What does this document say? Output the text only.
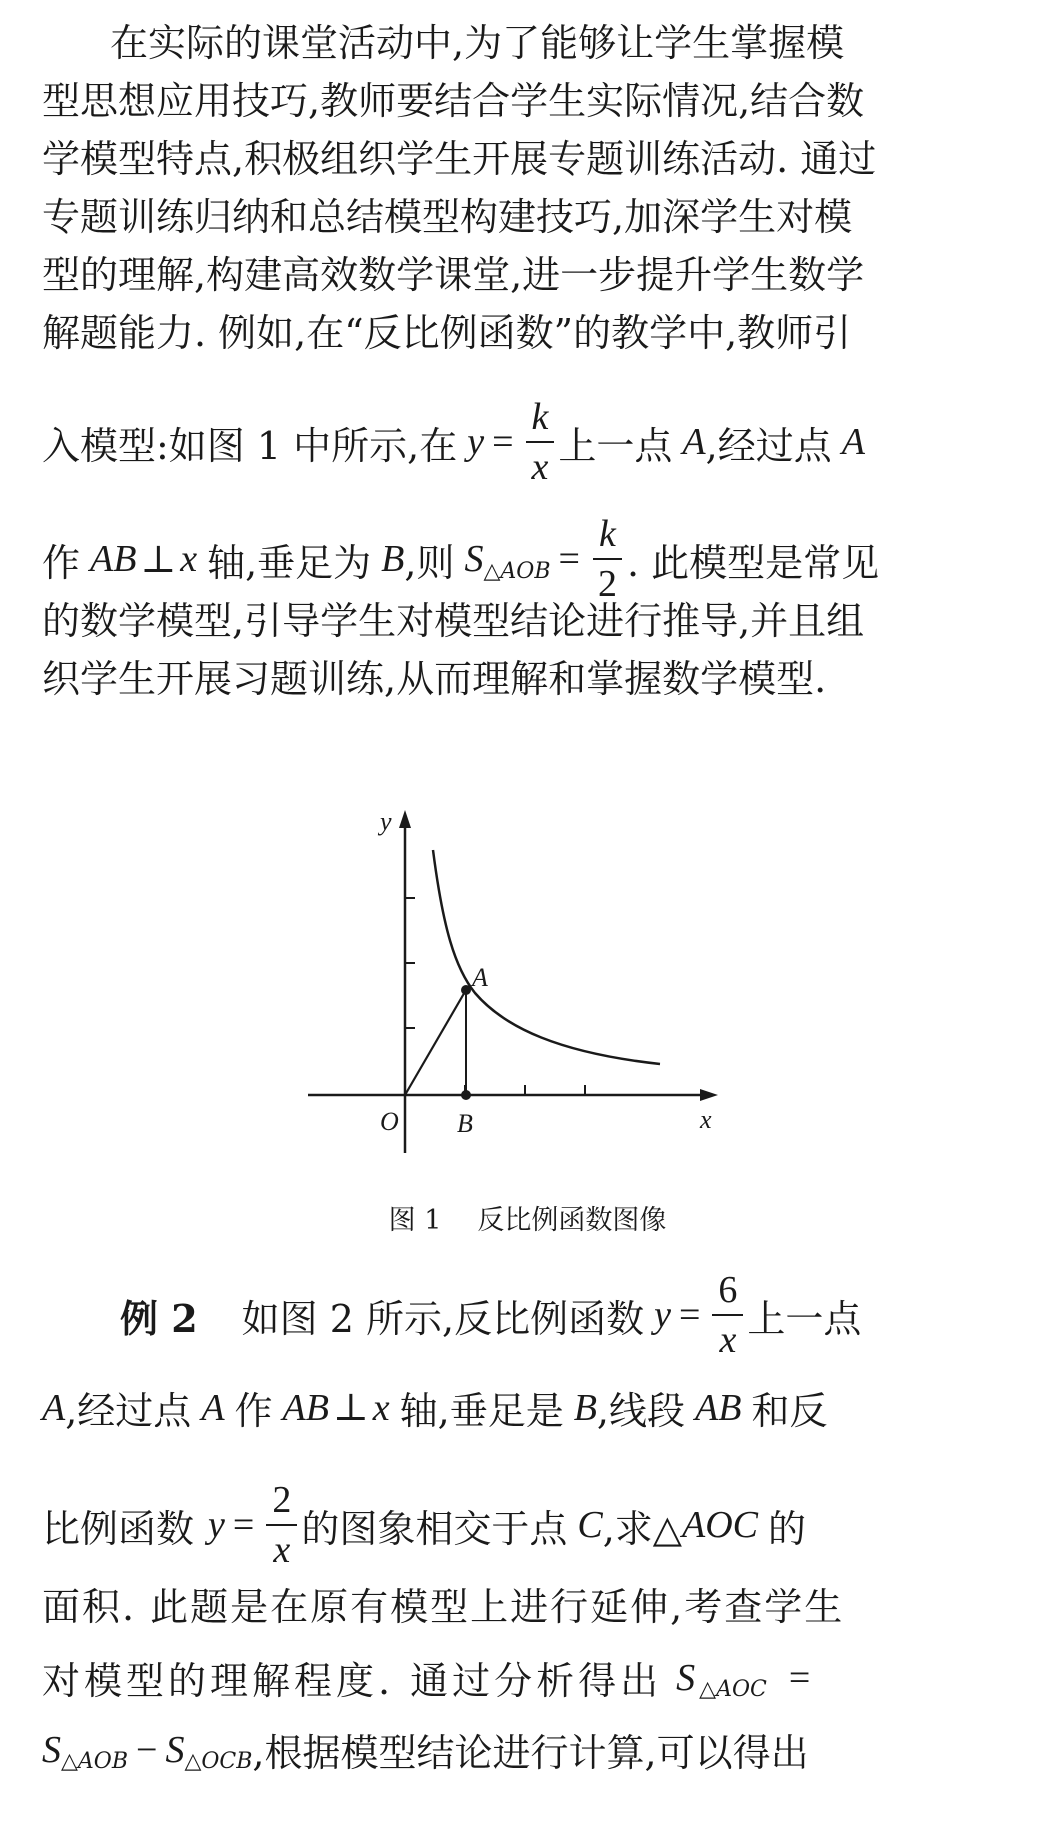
在实际的课堂活动中,为了能够让学生掌握模
型思想应用技巧,教师要结合学生实际情况,结合数
学模型特点,积极组织学生开展专题训练活动. 通过
专题训练归纳和总结模型构建技巧,加深学生对模
型的理解,构建高效数学课堂,进一步提升学生数学
解题能力. 例如,在“反比例函数”的教学中,教师引
入模型:如图 1 中所示,在 $y = \frac{k}{x}$ 上一点 A ,经过点 A
作 AB ⊥ x 轴,垂足为 B ,则 S △AOB = $\frac{k}{2}$ . 此模型是常见
的数学模型,引导学生对模型结论进行推导,并且组
织学生开展习题训练,从而理解和掌握数学模型.
y
x
O
A
B
图 1 反比例函数图像
例 2 如图 2 所示,反比例函数 $y = \frac{6}{x}$ 上一点
A ,经过点 A 作 AB ⊥ x 轴,垂足是 B ,线段 AB 和反
比例函数 $y = \frac{2}{x}$ 的图象相交于点 C ,求△ AOC 的
面积. 此题是在原有模型上进行延伸,考查学生
对模型的理解程度. 通过分析得出 S △AOC =
S △AOB − S △OCB ,根据模型结论进行计算,可以得出
